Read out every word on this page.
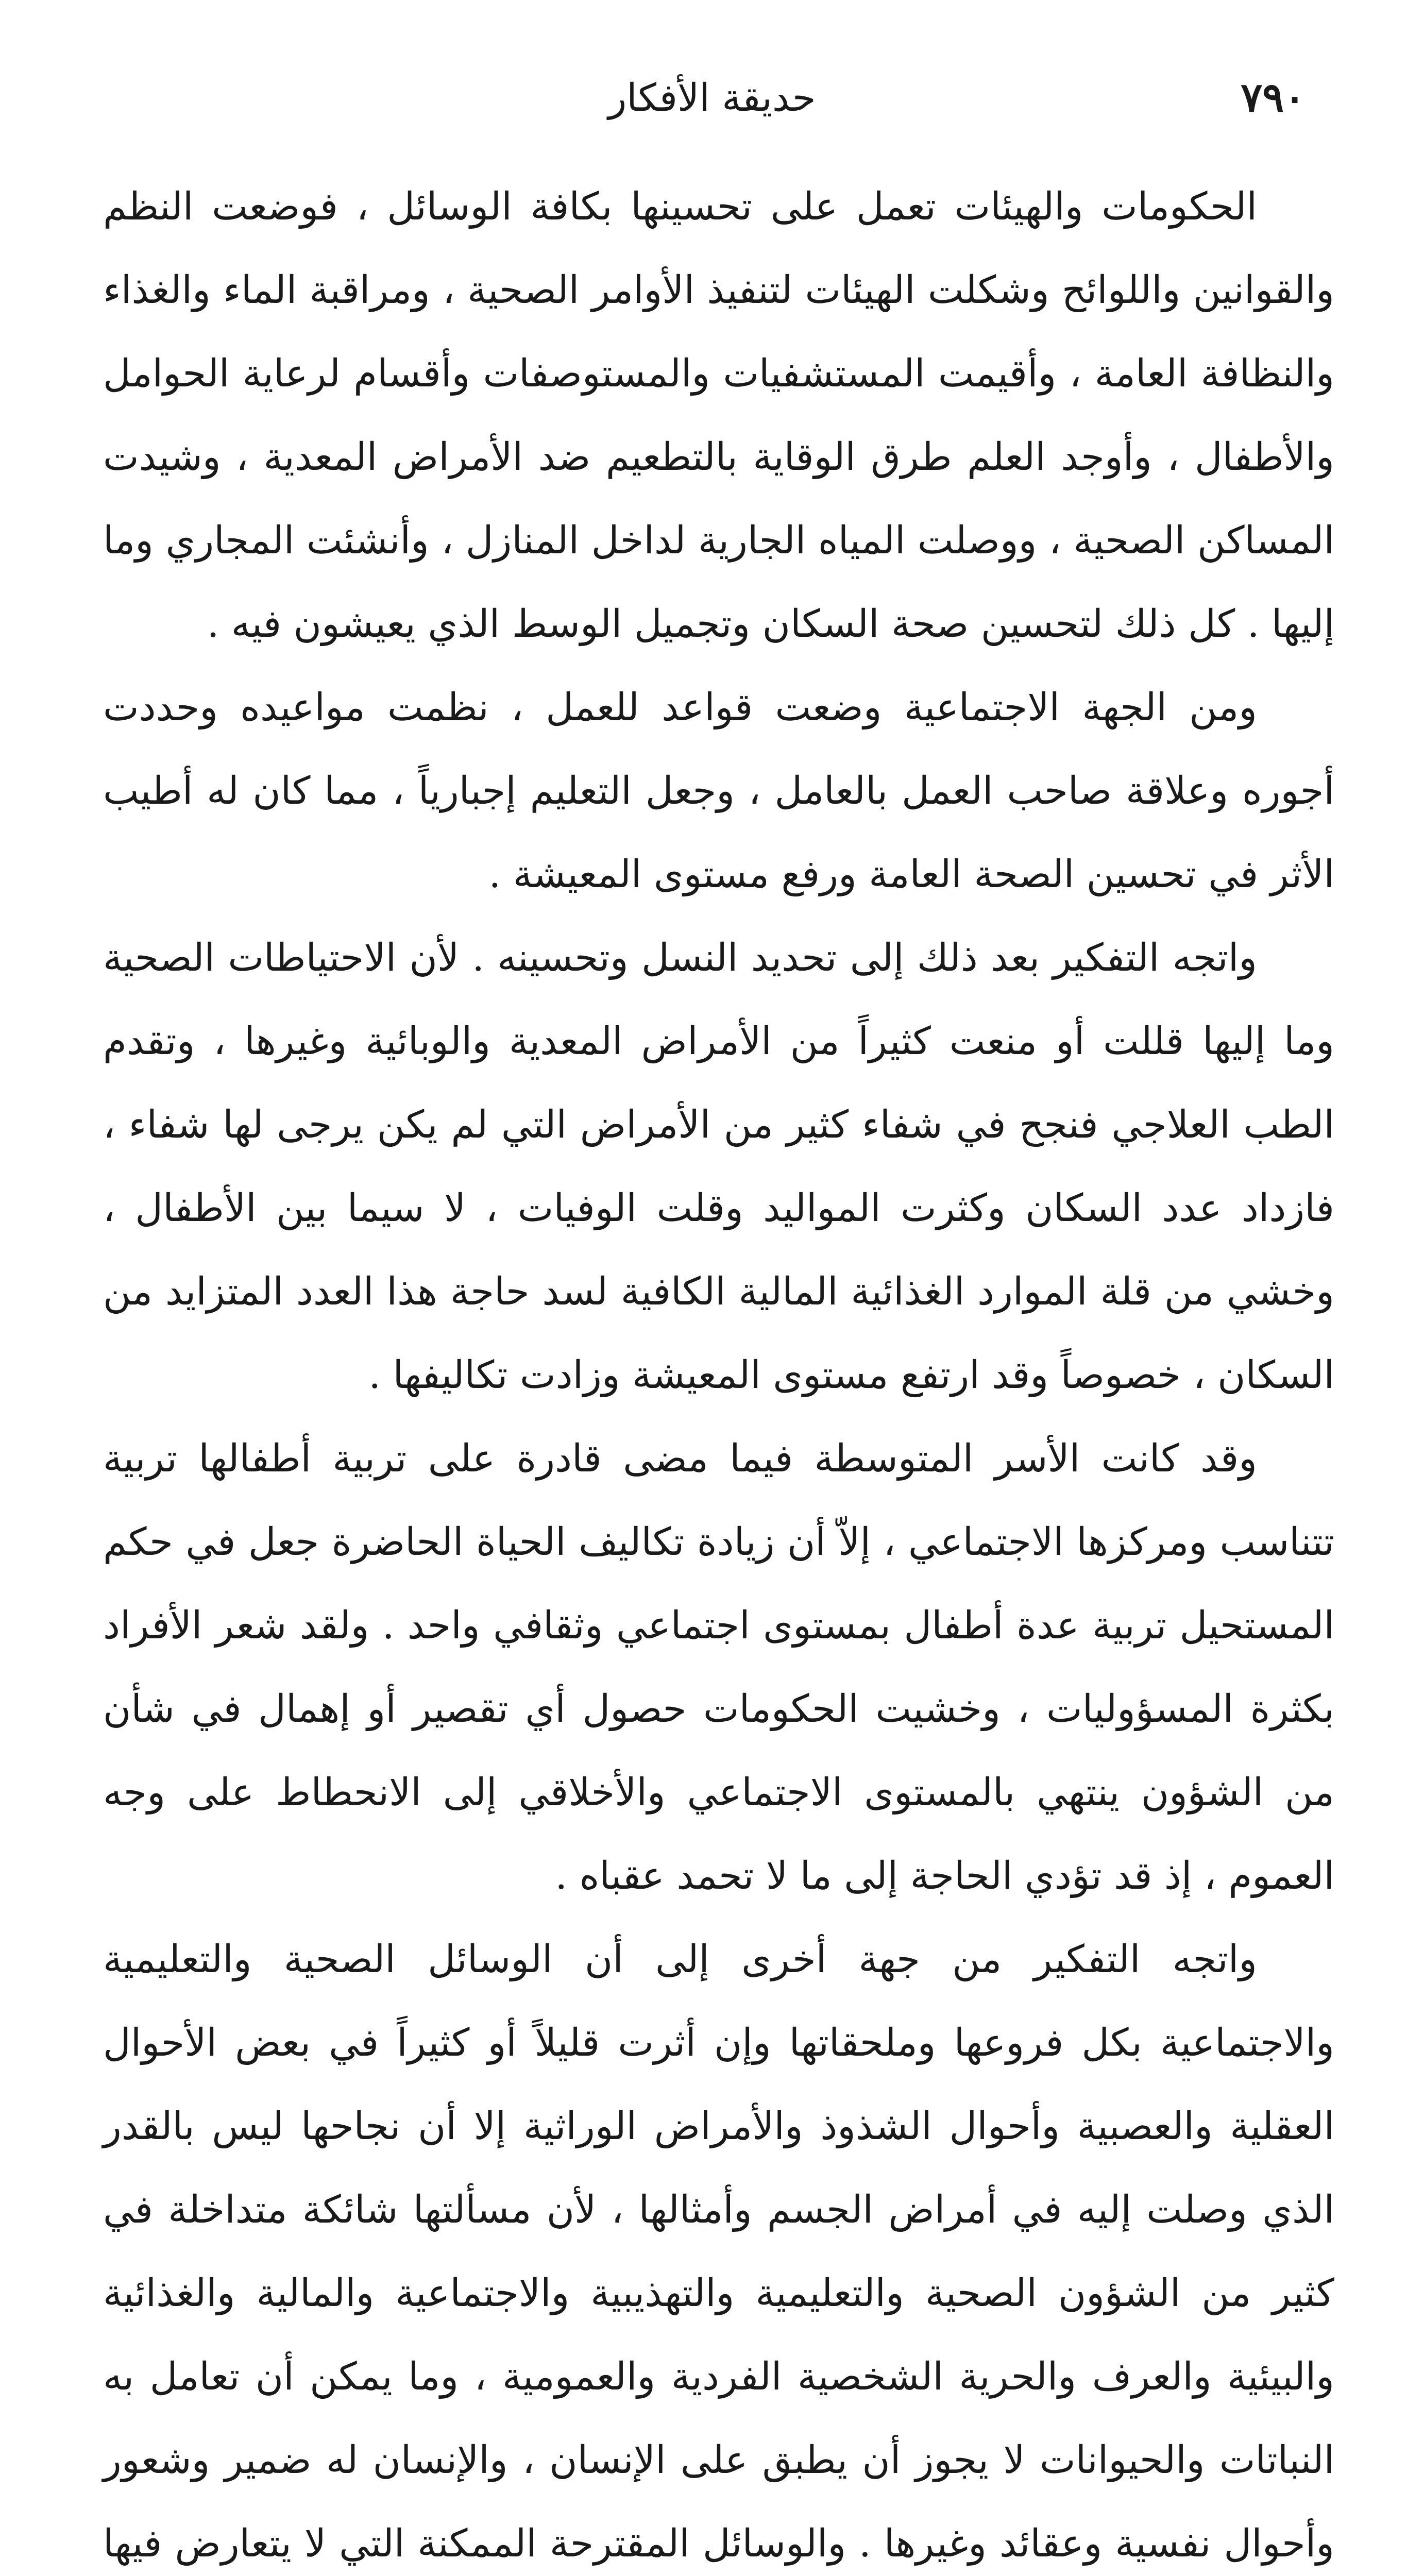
٧٩٠
حديقة الأفكار

الحكومات والهيئات تعمل على تحسينها بكافة الوسائل ، فوضعت النظم والقوانين واللوائح وشكلت الهيئات لتنفيذ الأوامر الصحية ، ومراقبة الماء والغذاء والنظافة العامة ، وأقيمت المستشفيات والمستوصفات وأقسام لرعاية الحوامل والأطفال ، وأوجد العلم طرق الوقاية بالتطعيم ضد الأمراض المعدية ، وشيدت المساكن الصحية ، ووصلت المياه الجارية لداخل المنازل ، وأنشئت المجاري وما إليها . كل ذلك لتحسين صحة السكان وتجميل الوسط الذي يعيشون فيه .

ومن الجهة الاجتماعية وضعت قواعد للعمل ، نظمت مواعيده وحددت أجوره وعلاقة صاحب العمل بالعامل ، وجعل التعليم إجبارياً ، مما كان له أطيب الأثر في تحسين الصحة العامة ورفع مستوى المعيشة .

واتجه التفكير بعد ذلك إلى تحديد النسل وتحسينه . لأن الاحتياطات الصحية وما إليها قللت أو منعت كثيراً من الأمراض المعدية والوبائية وغيرها ، وتقدم الطب العلاجي فنجح في شفاء كثير من الأمراض التي لم يكن يرجى لها شفاء ، فازداد عدد السكان وكثرت المواليد وقلت الوفيات ، لا سيما بين الأطفال ، وخشي من قلة الموارد الغذائية المالية الكافية لسد حاجة هذا العدد المتزايد من السكان ، خصوصاً وقد ارتفع مستوى المعيشة وزادت تكاليفها .

وقد كانت الأسر المتوسطة فيما مضى قادرة على تربية أطفالها تربية تتناسب ومركزها الاجتماعي ، إلاّ أن زيادة تكاليف الحياة الحاضرة جعل في حكم المستحيل تربية عدة أطفال بمستوى اجتماعي وثقافي واحد . ولقد شعر الأفراد بكثرة المسؤوليات ، وخشيت الحكومات حصول أي تقصير أو إهمال في شأن من الشؤون ينتهي بالمستوى الاجتماعي والأخلاقي إلى الانحطاط على وجه العموم ، إذ قد تؤدي الحاجة إلى ما لا تحمد عقباه .

واتجه التفكير من جهة أخرى إلى أن الوسائل الصحية والتعليمية والاجتماعية بكل فروعها وملحقاتها وإن أثرت قليلاً أو كثيراً في بعض الأحوال العقلية والعصبية وأحوال الشذوذ والأمراض الوراثية إلا أن نجاحها ليس بالقدر الذي وصلت إليه في أمراض الجسم وأمثالها ، لأن مسألتها شائكة متداخلة في كثير من الشؤون الصحية والتعليمية والتهذيبية والاجتماعية والمالية والغذائية والبيئية والعرف والحرية الشخصية الفردية والعمومية ، وما يمكن أن تعامل به النباتات والحيوانات لا يجوز أن يطبق على الإنسان ، والإنسان له ضمير وشعور وأحوال نفسية وعقائد وغيرها . والوسائل المقترحة الممكنة التي لا يتعارض فيها
